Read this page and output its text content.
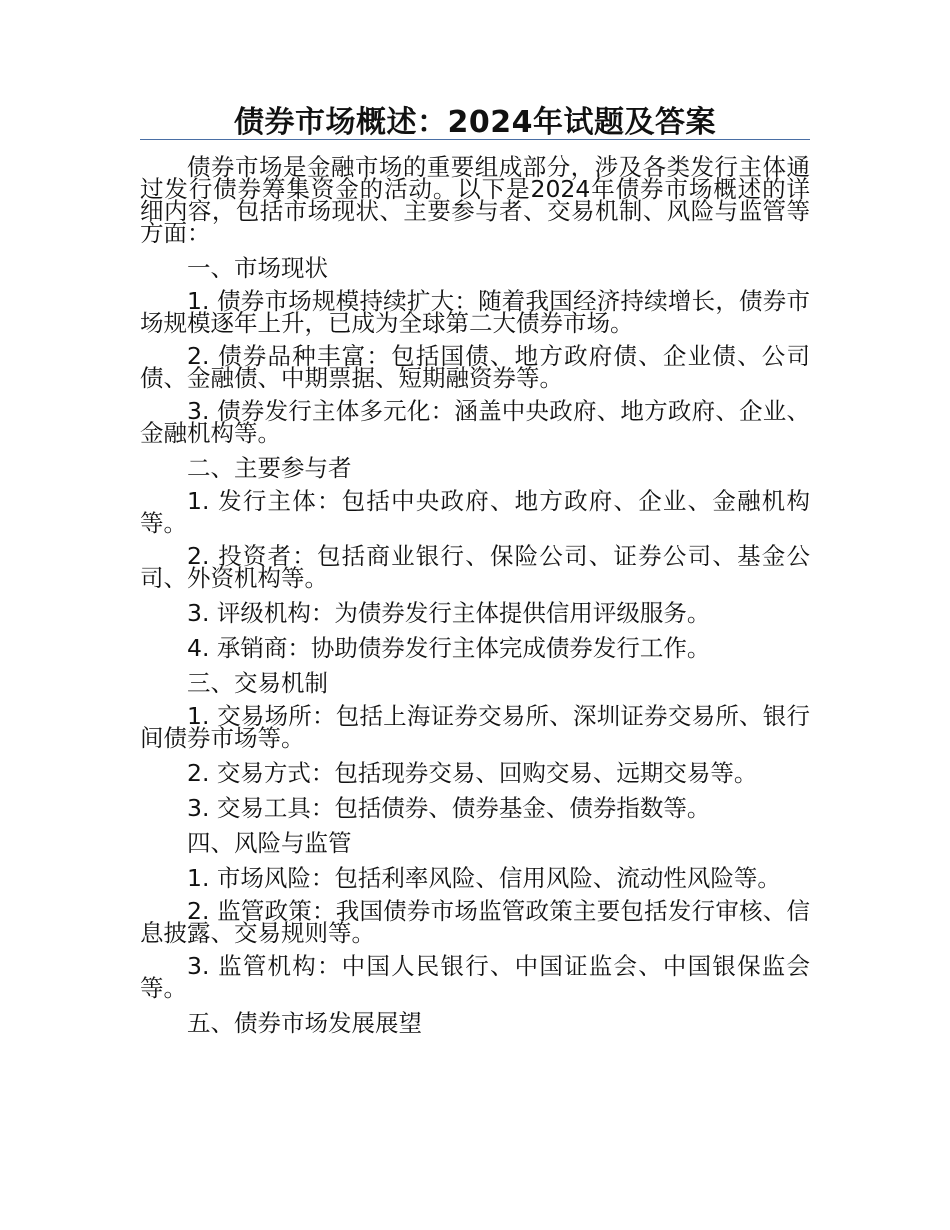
债券市场概述：2024年试题及答案

债券市场是金融市场的重要组成部分，涉及各类发行主体通过发行债券筹集资金的活动。以下是2024年债券市场概述的详细内容，包括市场现状、主要参与者、交易机制、风险与监管等方面：

一、市场现状

1. 债券市场规模持续扩大：随着我国经济持续增长，债券市场规模逐年上升，已成为全球第二大债券市场。

2. 债券品种丰富：包括国债、地方政府债、企业债、公司债、金融债、中期票据、短期融资券等。

3. 债券发行主体多元化：涵盖中央政府、地方政府、企业、金融机构等。

二、主要参与者

1. 发行主体：包括中央政府、地方政府、企业、金融机构等。

2. 投资者：包括商业银行、保险公司、证券公司、基金公司、外资机构等。

3. 评级机构：为债券发行主体提供信用评级服务。

4. 承销商：协助债券发行主体完成债券发行工作。

三、交易机制

1. 交易场所：包括上海证券交易所、深圳证券交易所、银行间债券市场等。

2. 交易方式：包括现券交易、回购交易、远期交易等。

3. 交易工具：包括债券、债券基金、债券指数等。

四、风险与监管

1. 市场风险：包括利率风险、信用风险、流动性风险等。

2. 监管政策：我国债券市场监管政策主要包括发行审核、信息披露、交易规则等。

3. 监管机构：中国人民银行、中国证监会、中国银保监会等。

五、债券市场发展展望
